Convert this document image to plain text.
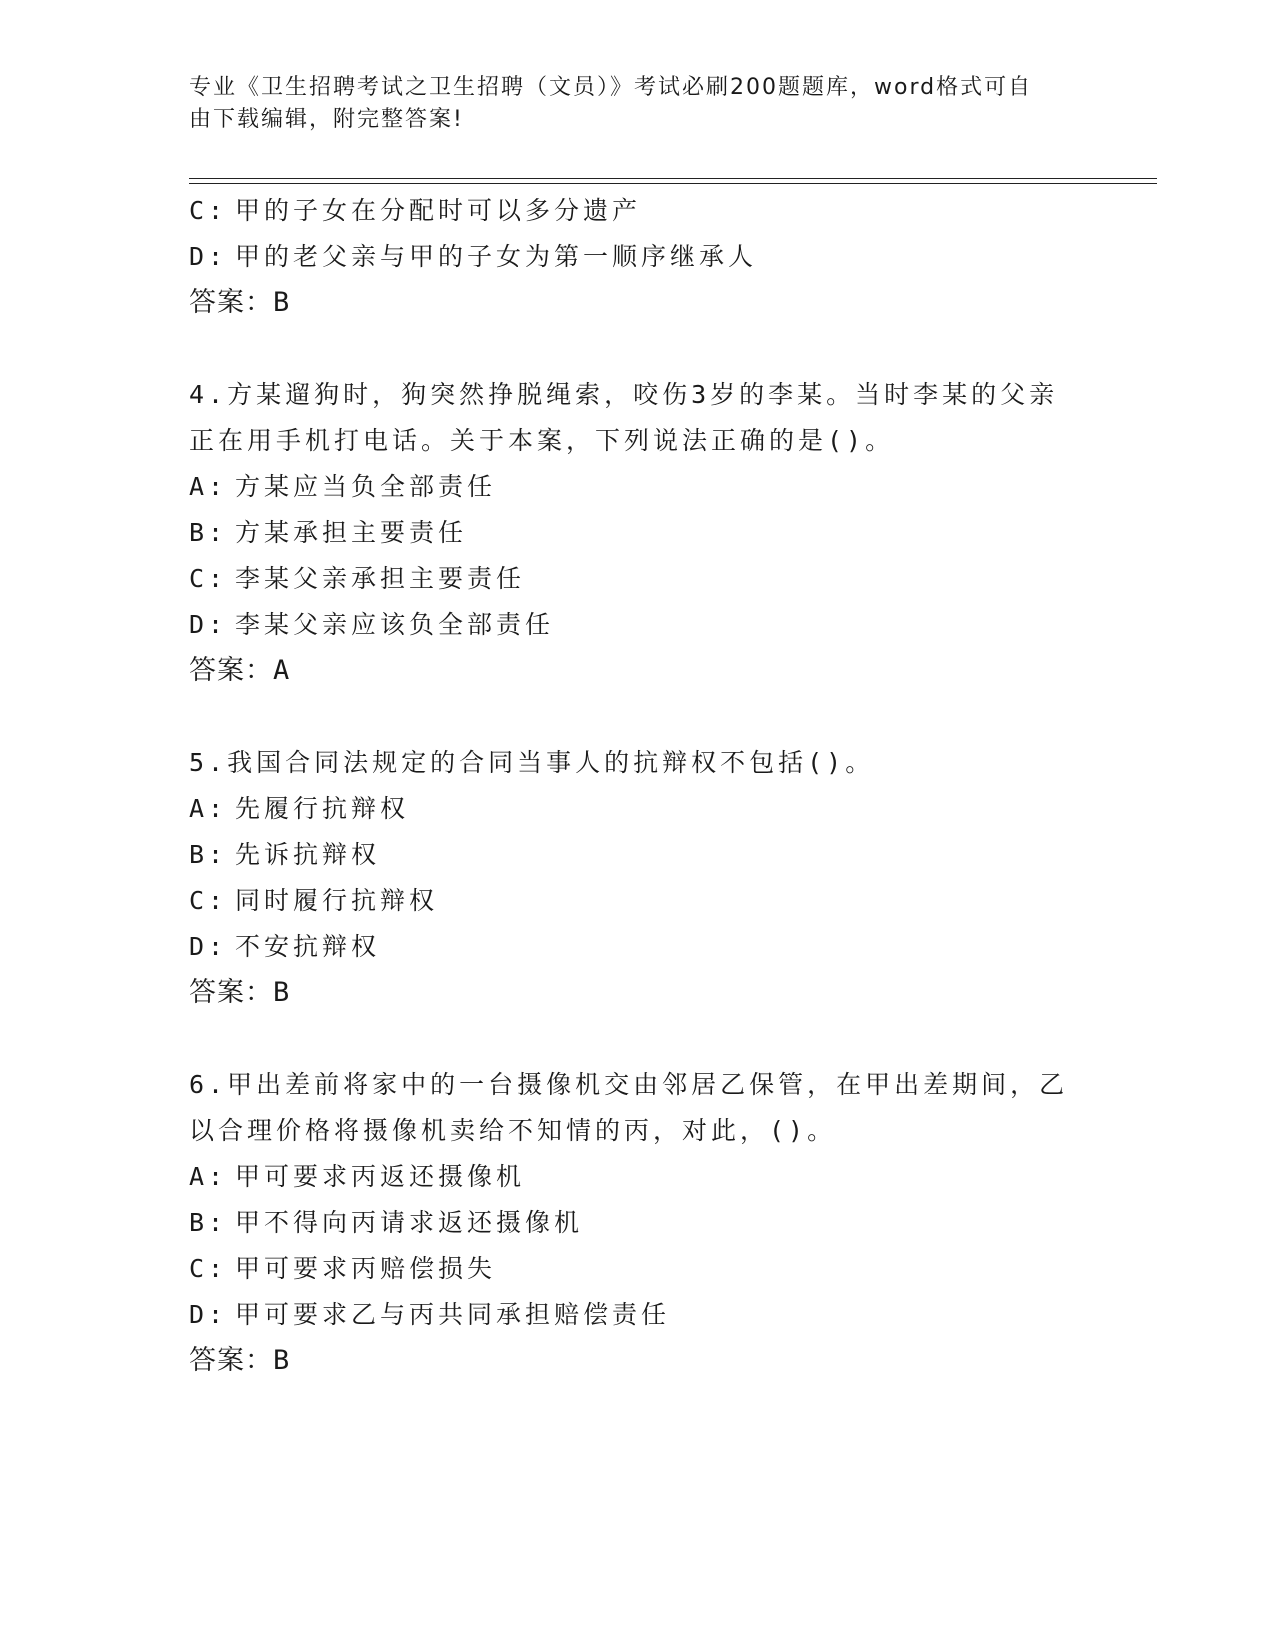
专业《卫生招聘考试之卫生招聘（文员）》考试必刷200题题库，word格式可自
由下载编辑，附完整答案!
C: 甲的子女在分配时可以多分遗产
D: 甲的老父亲与甲的子女为第一顺序继承人
答案：B
4.方某遛狗时，狗突然挣脱绳索，咬伤3岁的李某。当时李某的父亲
正在用手机打电话。关于本案，下列说法正确的是()。
A: 方某应当负全部责任
B: 方某承担主要责任
C: 李某父亲承担主要责任
D: 李某父亲应该负全部责任
答案：A
5.我国合同法规定的合同当事人的抗辩权不包括()。
A: 先履行抗辩权
B: 先诉抗辩权
C: 同时履行抗辩权
D: 不安抗辩权
答案：B
6.甲出差前将家中的一台摄像机交由邻居乙保管，在甲出差期间，乙
以合理价格将摄像机卖给不知情的丙，对此，()。
A: 甲可要求丙返还摄像机
B: 甲不得向丙请求返还摄像机
C: 甲可要求丙赔偿损失
D: 甲可要求乙与丙共同承担赔偿责任
答案：B
